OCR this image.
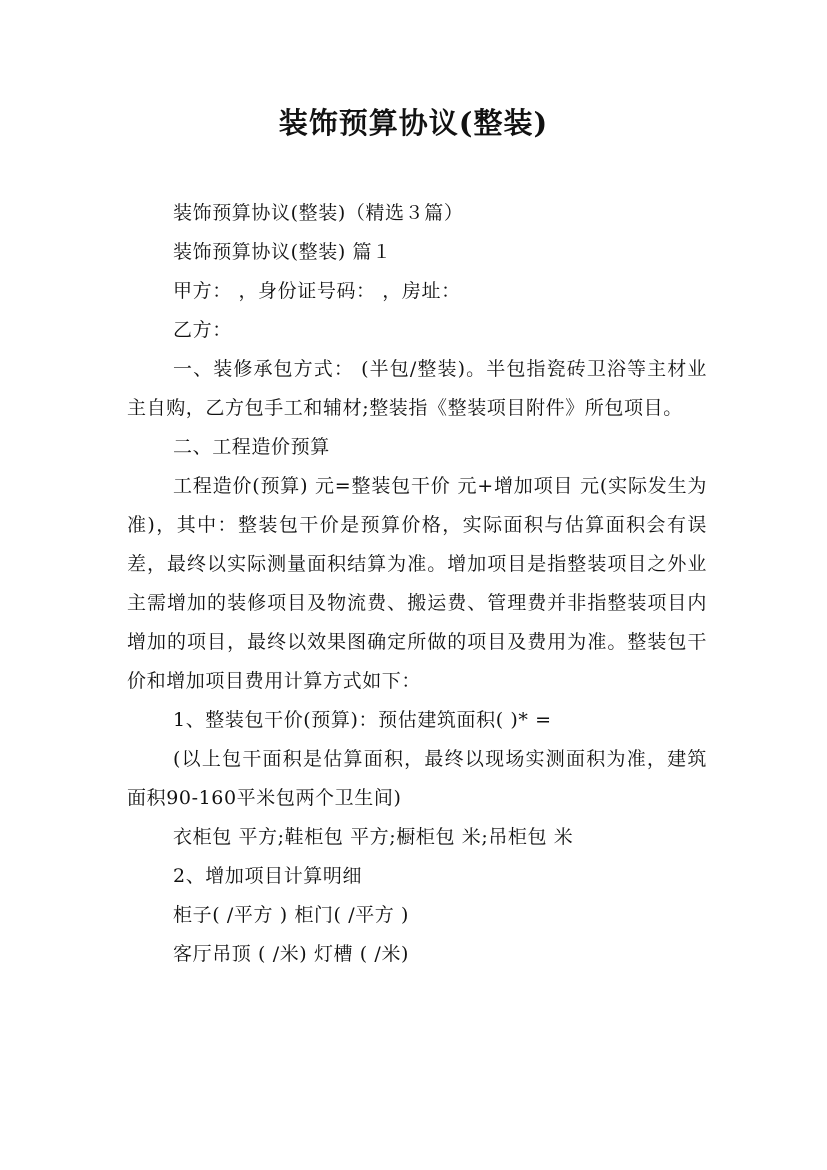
装饰预算协议(整装)

装饰预算协议(整装)（精选３篇）

装饰预算协议(整装) 篇１

甲方： ，身份证号码： ，房址：

乙方：

一、装修承包方式： (半包/整装)。半包指瓷砖卫浴等主材业主自购，乙方包手工和辅材;整装指《整装项目附件》所包项目。

二、工程造价预算

工程造价(预算) 元=整装包干价 元+增加项目 元(实际发生为准)，其中：整装包干价是预算价格，实际面积与估算面积会有误差，最终以实际测量面积结算为准。增加项目是指整装项目之外业主需增加的装修项目及物流费、搬运费、管理费并非指整装项目内增加的项目，最终以效果图确定所做的项目及费用为准。整装包干价和增加项目费用计算方式如下：

1、整装包干价(预算)：预估建筑面积( )* =

(以上包干面积是估算面积，最终以现场实测面积为准，建筑面积90-160平米包两个卫生间)

衣柜包 平方;鞋柜包 平方;橱柜包 米;吊柜包 米

2、增加项目计算明细

柜子( /平方 ) 柜门( /平方 )

客厅吊顶 ( /米) 灯槽 ( /米)
